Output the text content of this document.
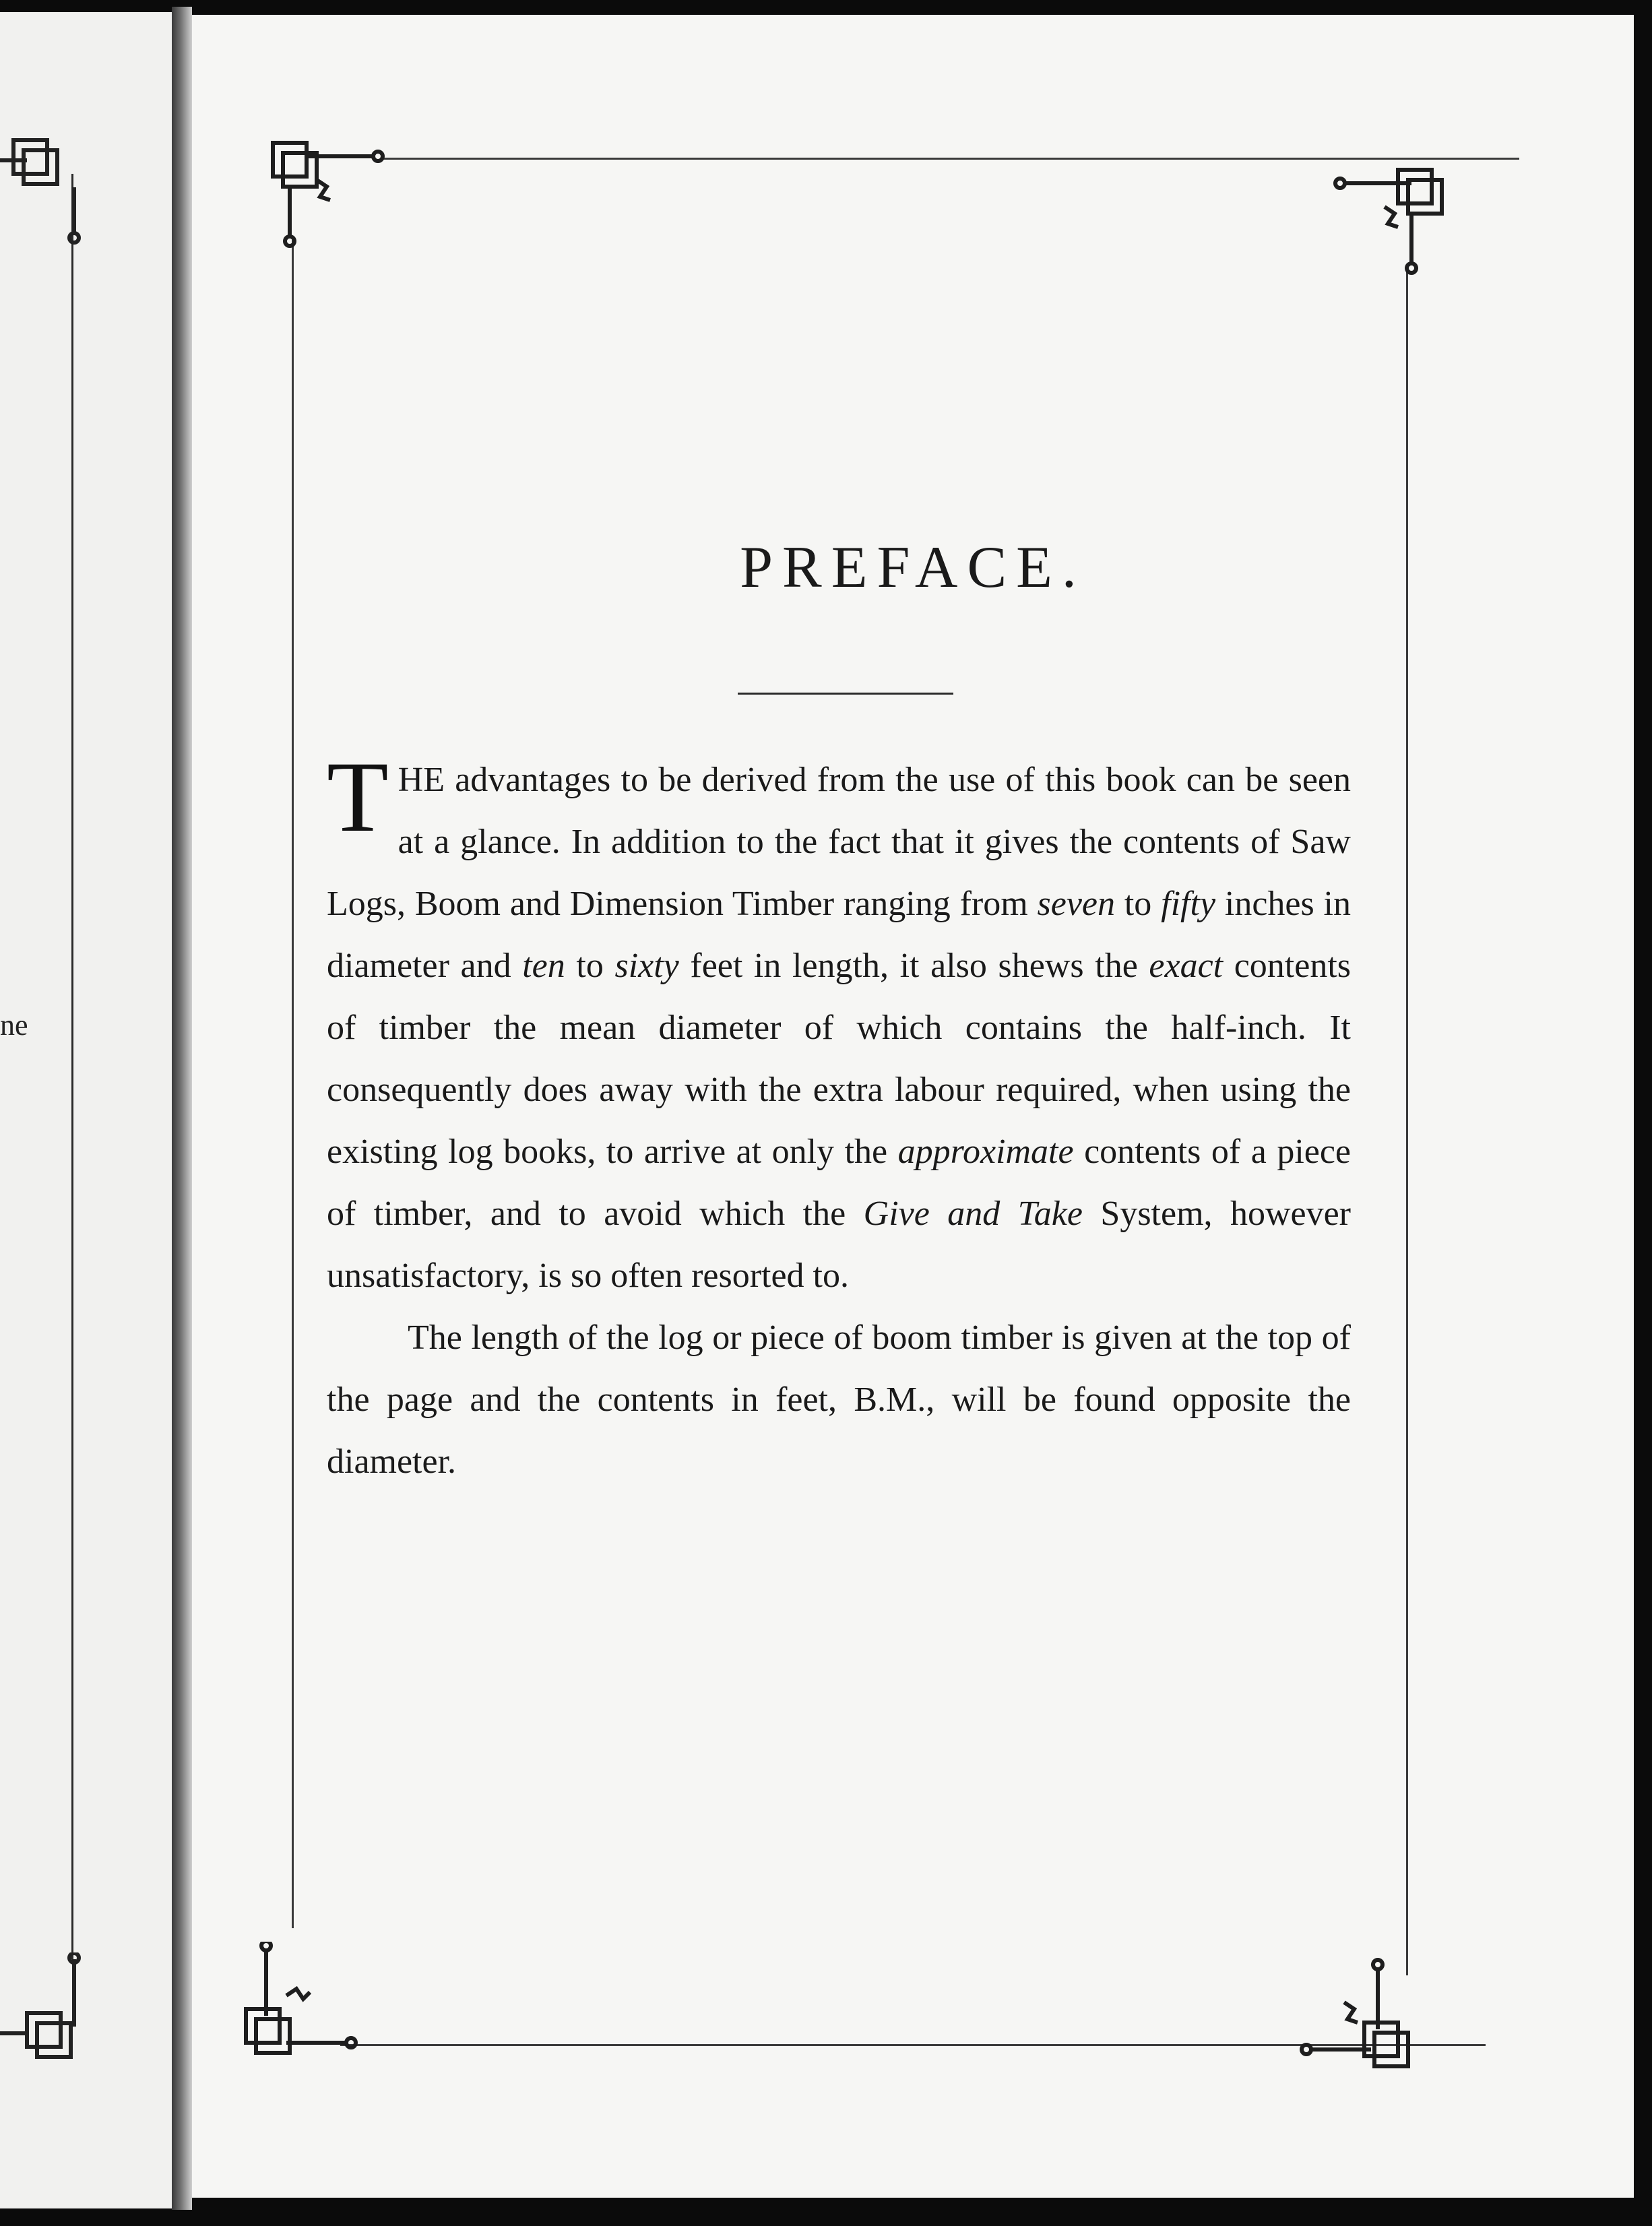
ne
PREFACE.

THE advantages to be derived from the use of this book can be seen at a glance. In addition to the fact that it gives the contents of Saw Logs, Boom and Dimension Timber ranging from seven to fifty inches in diameter and ten to sixty feet in length, it also shews the exact contents of timber the mean diameter of which contains the half-inch. It consequently does away with the extra labour required, when using the existing log books, to arrive at only the approximate contents of a piece of timber, and to avoid which the Give and Take System, however unsatisfactory, is so often resorted to.

The length of the log or piece of boom timber is given at the top of the page and the contents in feet, B.M., will be found opposite the diameter.
